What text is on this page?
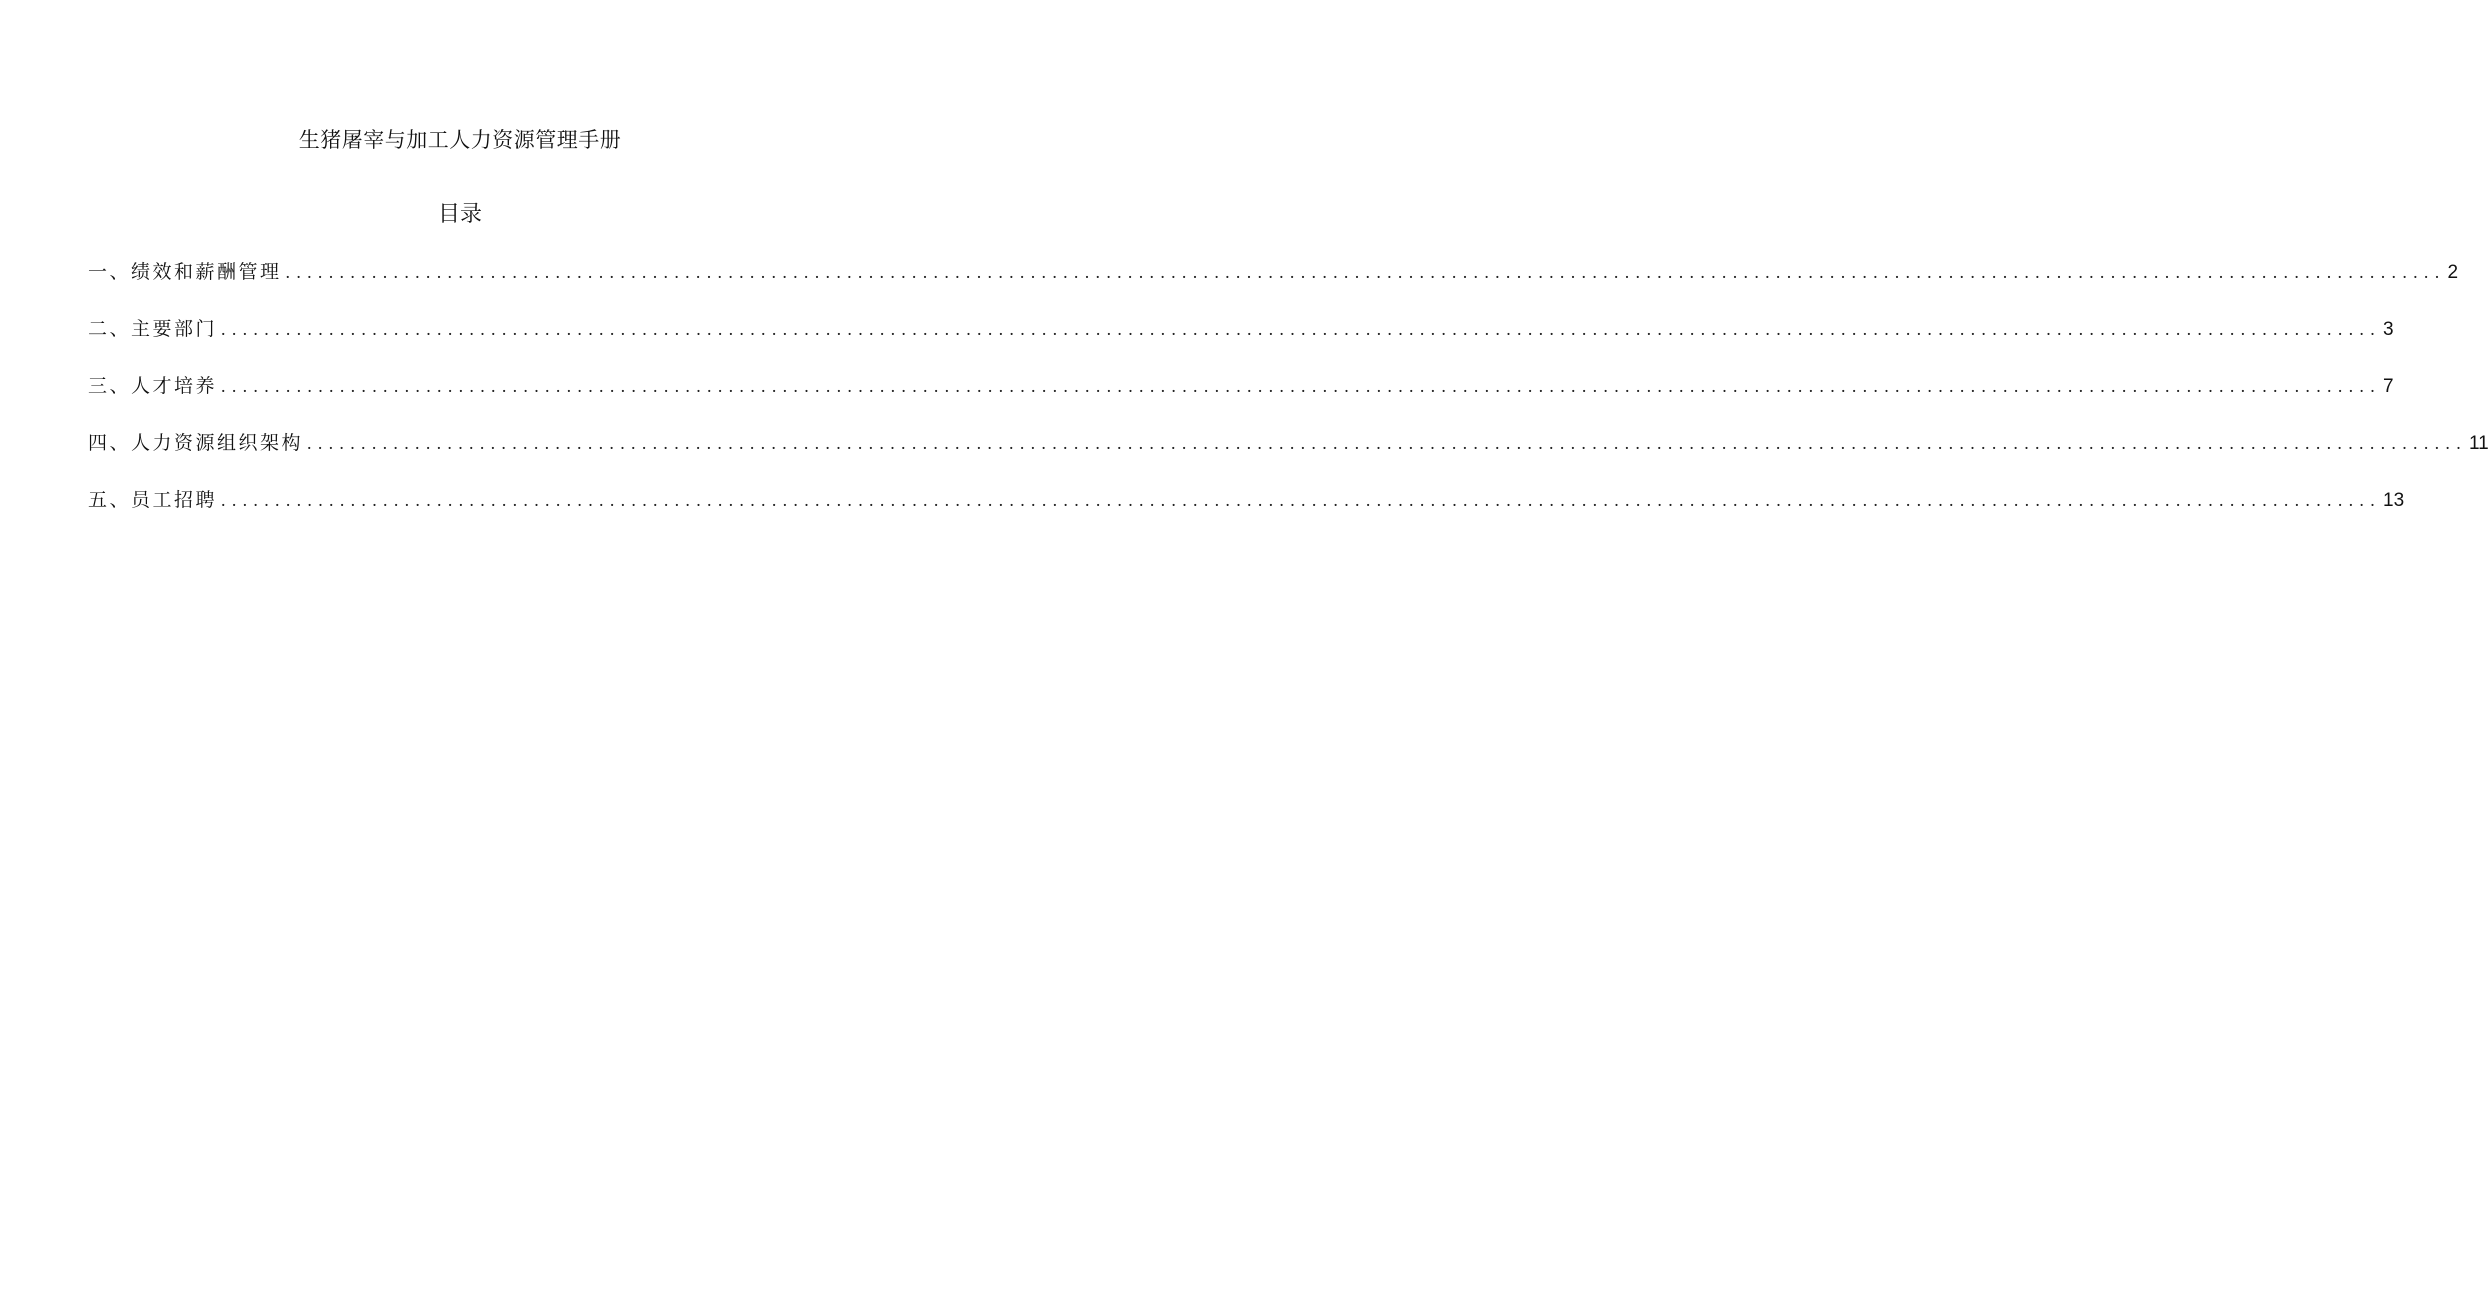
生猪屠宰与加工人力资源管理手册
目录
一、绩效和薪酬管理 ........................................................................................................................................................................................................ 2
二、主要部门 ........................................................................................................................................................................................................ 3
三、人才培养 ........................................................................................................................................................................................................ 7
四、人力资源组织架构 ........................................................................................................................................................................................................ 11
五、员工招聘 ........................................................................................................................................................................................................ 13
